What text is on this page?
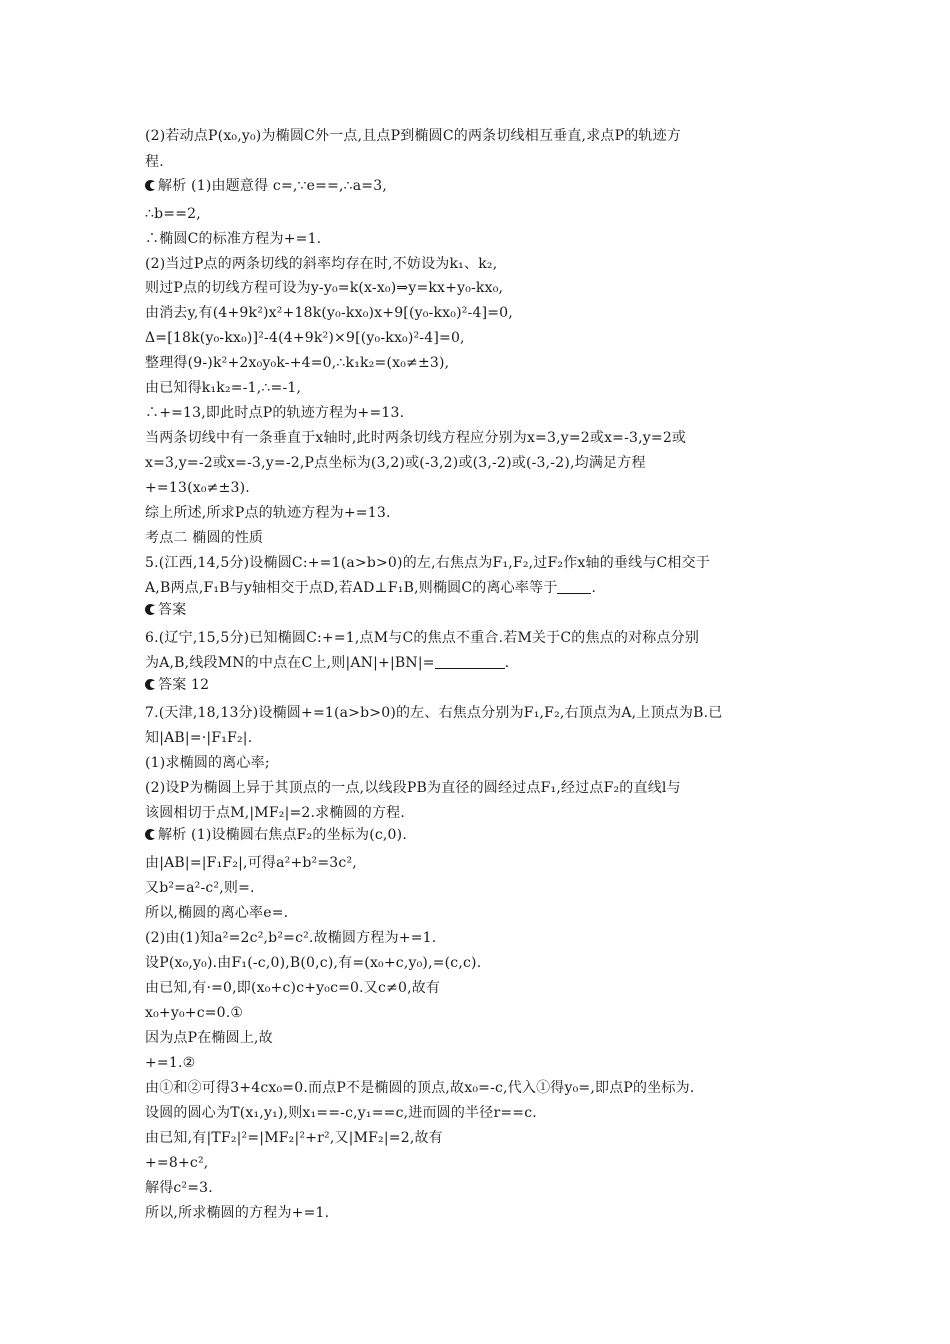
(2)若动点P(x₀,y₀)为椭圆C外一点,且点P到椭圆C的两条切线相互垂直,求点P的轨迹方
程.
解析 (1)由题意得 c=,∵e==,∴a=3,
∴b==2,
∴椭圆C的标准方程为+=1.
(2)当过P点的两条切线的斜率均存在时,不妨设为k₁、k₂,
则过P点的切线方程可设为y-y₀=k(x-x₀)⇒y=kx+y₀-kx₀,
由消去y,有(4+9k²)x²+18k(y₀-kx₀)x+9[(y₀-kx₀)²-4]=0,
Δ=[18k(y₀-kx₀)]²-4(4+9k²)×9[(y₀-kx₀)²-4]=0,
整理得(9-)k²+2x₀y₀k-+4=0,∴k₁k₂=(x₀≠±3),
由已知得k₁k₂=-1,∴=-1,
∴+=13,即此时点P的轨迹方程为+=13.
当两条切线中有一条垂直于x轴时,此时两条切线方程应分别为x=3,y=2或x=-3,y=2或
x=3,y=-2或x=-3,y=-2,P点坐标为(3,2)或(-3,2)或(3,-2)或(-3,-2),均满足方程
+=13(x₀≠±3).
综上所述,所求P点的轨迹方程为+=13.
考点二 椭圆的性质
5.(江西,14,5分)设椭圆C:+=1(a>b>0)的左,右焦点为F₁,F₂,过F₂作x轴的垂线与C相交于
A,B两点,F₁B与y轴相交于点D,若AD⊥F₁B,则椭圆C的离心率等于 .
答案
6.(辽宁,15,5分)已知椭圆C:+=1,点M与C的焦点不重合.若M关于C的焦点的对称点分别
为A,B,线段MN的中点在C上,则|AN|+|BN|=	.
答案 12
7.(天津,18,13分)设椭圆+=1(a>b>0)的左、右焦点分别为F₁,F₂,右顶点为A,上顶点为B.已
知|AB|=·|F₁F₂|.
(1)求椭圆的离心率;
(2)设P为椭圆上异于其顶点的一点,以线段PB为直径的圆经过点F₁,经过点F₂的直线l与
该圆相切于点M,|MF₂|=2.求椭圆的方程.
解析 (1)设椭圆右焦点F₂的坐标为(c,0).
由|AB|=|F₁F₂|,可得a²+b²=3c²,
又b²=a²-c²,则=.
所以,椭圆的离心率e=.
(2)由(1)知a²=2c²,b²=c².故椭圆方程为+=1.
设P(x₀,y₀).由F₁(-c,0),B(0,c),有=(x₀+c,y₀),=(c,c).
由已知,有·=0,即(x₀+c)c+y₀c=0.又c≠0,故有
x₀+y₀+c=0.①
因为点P在椭圆上,故
+=1.②
由①和②可得3+4cx₀=0.而点P不是椭圆的顶点,故x₀=-c,代入①得y₀=,即点P的坐标为.
设圆的圆心为T(x₁,y₁),则x₁==-c,y₁==c,进而圆的半径r==c.
由已知,有|TF₂|²=|MF₂|²+r²,又|MF₂|=2,故有
+=8+c²,
解得c²=3.
所以,所求椭圆的方程为+=1.
